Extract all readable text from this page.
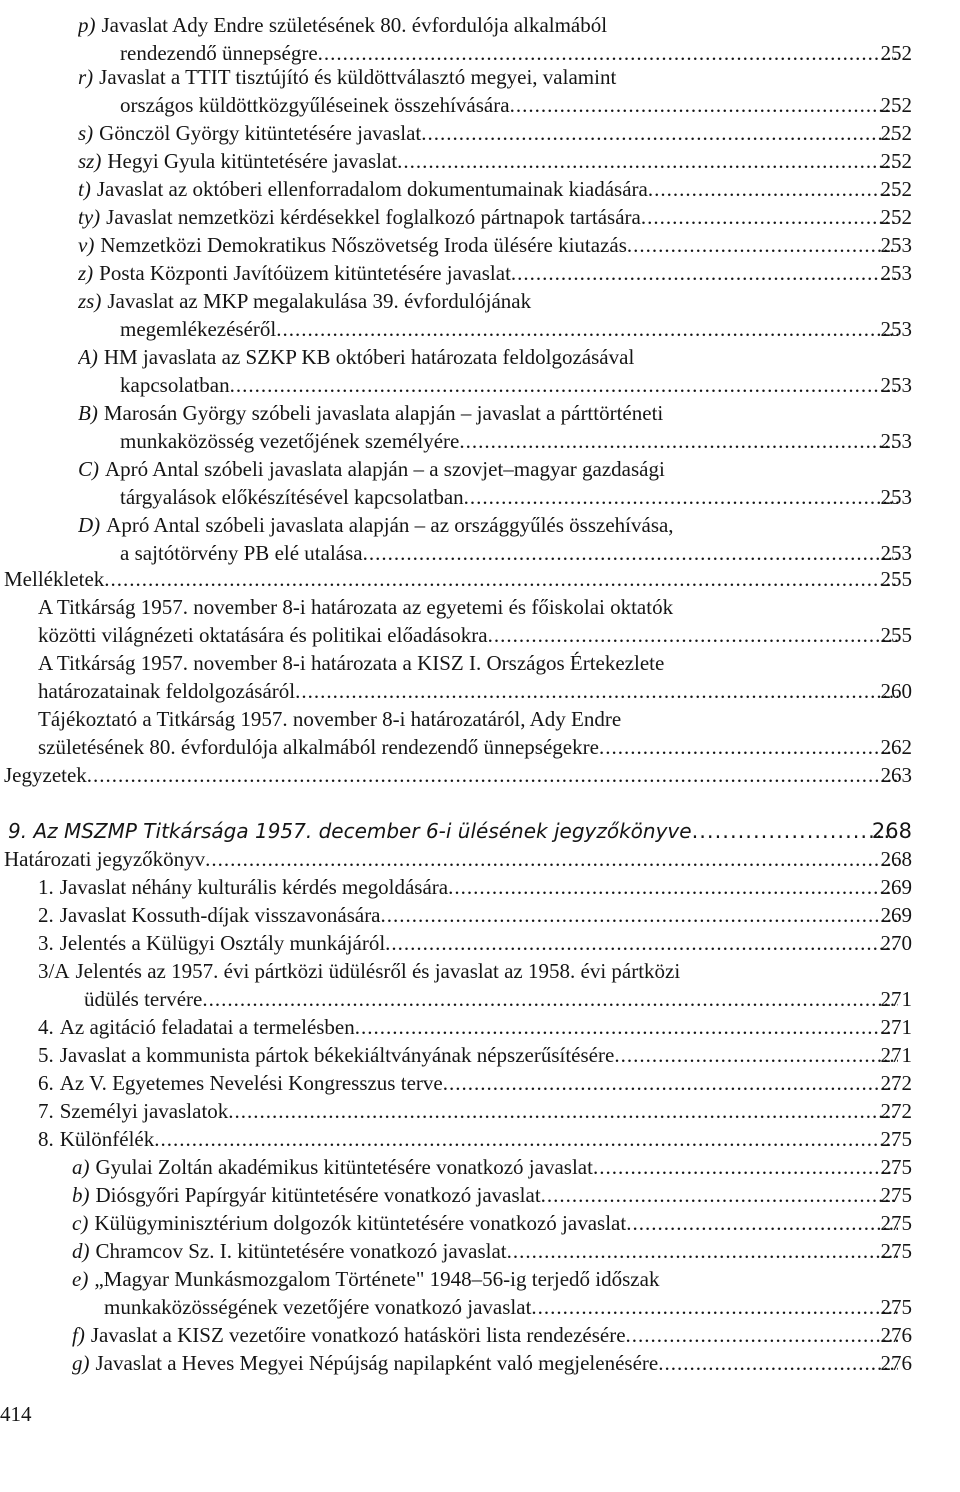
p) Javaslat Ady Endre születésének 80. évfordulója alkalmából
252
rendezendő ünnepségre
.....
r) Javaslat a TTIT tisztújító és küldöttválasztó megyei, valamint
252
országos küldöttközgyűléseinek összehívására
.....
252
s) Gönczöl György kitüntetésére javaslat
.....
252
sz) Hegyi Gyula kitüntetésére javaslat
.....
252
t) Javaslat az októberi ellenforradalom dokumentumainak kiadására
.....
252
ty) Javaslat nemzetközi kérdésekkel foglalkozó pártnapok tartására
.....
253
v) Nemzetközi Demokratikus Nőszövetség Iroda ülésére kiutazás
.....
253
z) Posta Központi Javítóüzem kitüntetésére javaslat
.....
zs) Javaslat az MKP megalakulása 39. évfordulójának
253
megemlékezéséről
.....
A) HM javaslata az SZKP KB októberi határozata feldolgozásával
253
kapcsolatban
.....
B) Marosán György szóbeli javaslata alapján – javaslat a párttörténeti
253
munkaközösség vezetőjének személyére
.....
C) Apró Antal szóbeli javaslata alapján – a szovjet–magyar gazdasági
253
tárgyalások előkészítésével kapcsolatban
.....
D) Apró Antal szóbeli javaslata alapján – az országgyűlés összehívása,
253
a sajtótörvény PB elé utalása
.....
255
Mellékletek
.....
A Titkárság 1957. november 8-i határozata az egyetemi és főiskolai oktatók
255
közötti világnézeti oktatására és politikai előadásokra
.....
A Titkárság 1957. november 8-i határozata a KISZ I. Országos Értekezlete
260
határozatainak feldolgozásáról
.....
Tájékoztató a Titkárság 1957. november 8-i határozatáról, Ady Endre
262
születésének 80. évfordulója alkalmából rendezendő ünnepségekre
.....
263
Jegyzetek
.....
268
9. Az MSZMP Titkársága 1957. december 6-i ülésének jegyzőkönyve
.....
268
Határozati jegyzőkönyv
.....
269
1. Javaslat néhány kulturális kérdés megoldására
.....
269
2. Javaslat Kossuth-díjak visszavonására
.....
270
3. Jelentés a Külügyi Osztály munkájáról
.....
3/A Jelentés az 1957. évi pártközi üdülésről és javaslat az 1958. évi pártközi
271
üdülés tervére
.....
271
4. Az agitáció feladatai a termelésben
.....
271
5. Javaslat a kommunista pártok békekiáltványának népszerűsítésére
.....
272
6. Az V. Egyetemes Nevelési Kongresszus terve
.....
272
7. Személyi javaslatok
.....
275
8. Különfélék
.....
275
a) Gyulai Zoltán akadémikus kitüntetésére vonatkozó javaslat
.....
275
b) Diósgyőri Papírgyár kitüntetésére vonatkozó javaslat
.....
275
c) Külügyminisztérium dolgozók kitüntetésére vonatkozó javaslat
.....
275
d) Chramcov Sz. I. kitüntetésére vonatkozó javaslat
.....
e) „Magyar Munkásmozgalom Története" 1948–56-ig terjedő időszak
275
munkaközösségének vezetőjére vonatkozó javaslat
.....
276
f) Javaslat a KISZ vezetőire vonatkozó hatásköri lista rendezésére
.....
276
g) Javaslat a Heves Megyei Népújság napilapként való megjelenésére
.....
414
